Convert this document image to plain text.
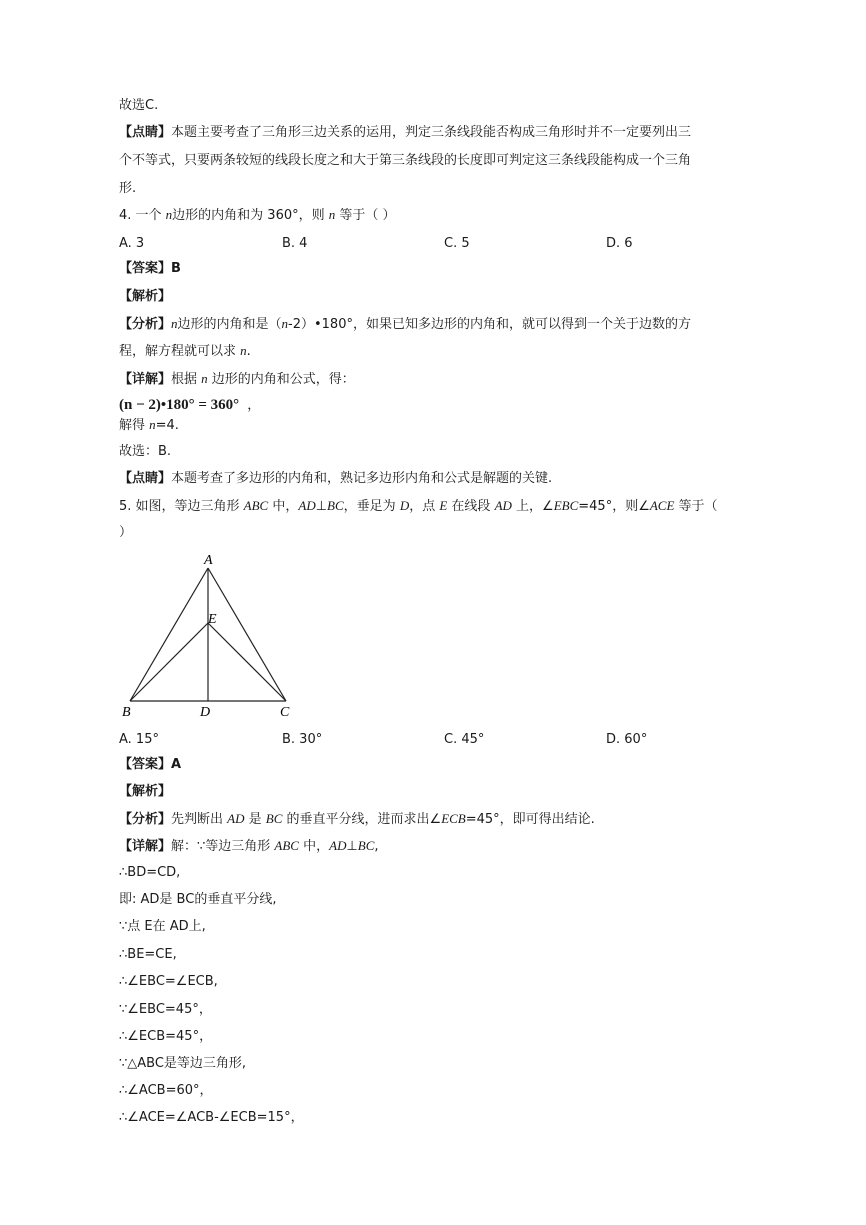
故选C.
【点睛】本题主要考查了三角形三边关系的运用，判定三条线段能否构成三角形时并不一定要列出三
个不等式，只要两条较短的线段长度之和大于第三条线段的长度即可判定这三条线段能构成一个三角
形.
4. 一个 n边形的内角和为 360°，则 n 等于（ ）
A. 3	B. 4	C. 5	D. 6
【答案】B
【解析】
【分析】n边形的内角和是（n-2）•180°，如果已知多边形的内角和，就可以得到一个关于边数的方
程，解方程就可以求 n.
【详解】根据 n 边形的内角和公式，得：
(n − 2)•180° = 360° ，
解得 n=4.
故选：B.
【点睛】本题考查了多边形的内角和，熟记多边形内角和公式是解题的关键.
5. 如图，等边三角形 ABC 中，AD⊥BC，垂足为 D，点 E 在线段 AD 上，∠EBC=45°，则∠ACE 等于（
）
A
E
B	D	C
A. 15°	B. 30°	C. 45°	D. 60°
【答案】A
【解析】
【分析】先判断出 AD 是 BC 的垂直平分线，进而求出∠ECB=45°，即可得出结论.
【详解】解：∵等边三角形 ABC 中，AD⊥BC,
∴BD=CD,
即: AD是 BC的垂直平分线,
∵点 E在 AD上,
∴BE=CE,
∴∠EBC=∠ECB,
∵∠EBC=45°，
∴∠ECB=45°，
∵△ABC是等边三角形,
∴∠ACB=60°，
∴∠ACE=∠ACB-∠ECB=15°，
